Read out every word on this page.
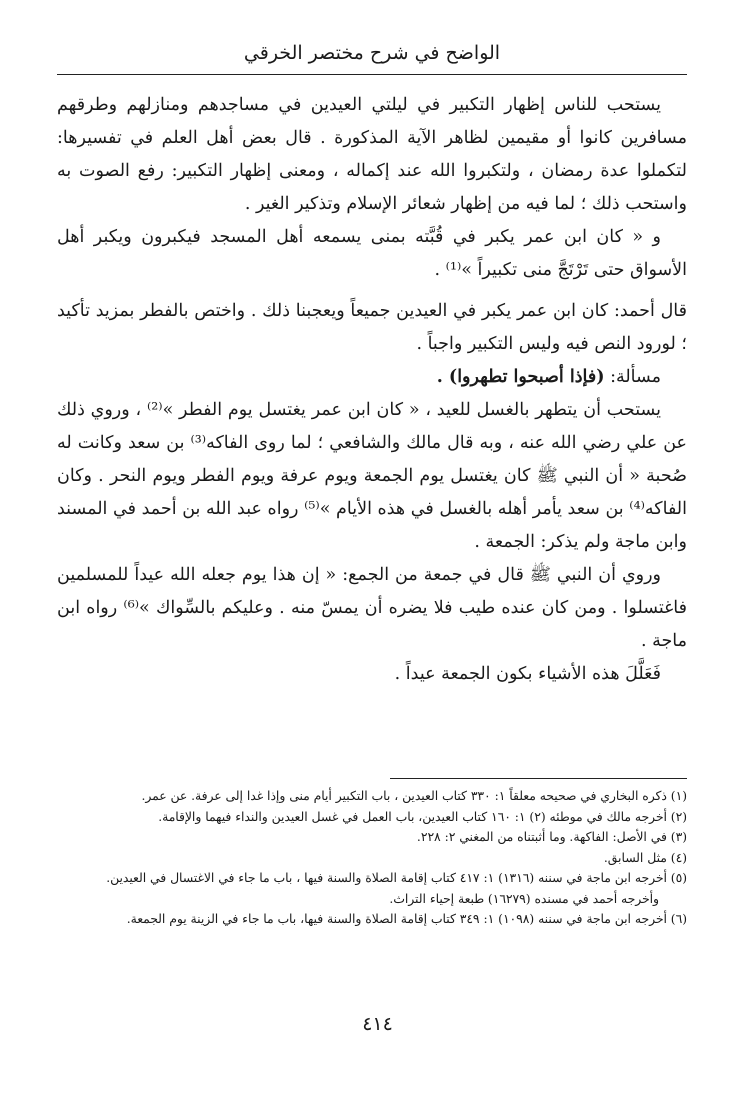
الواضح في شرح مختصر الخرقي

يستحب للناس إظهار التكبير في ليلتي العيدين في مساجدهم ومنازلهم وطرقهم مسافرين كانوا أو مقيمين لظاهر الآية المذكورة . قال بعض أهل العلم في تفسيرها: لتكملوا عدة رمضان ، ولتكبروا الله عند إكماله ، ومعنى إظهار التكبير: رفع الصوت به واستحب ذلك ؛ لما فيه من إظهار شعائر الإسلام وتذكير الغير .

و « كان ابن عمر يكبر في قُبَّته بمنى يسمعه أهل المسجد فيكبرون ويكبر أهل الأسواق حتى تَرْتَجَّ منى تكبيراً »⁽¹⁾ .

قال أحمد: كان ابن عمر يكبر في العيدين جميعاً ويعجبنا ذلك . واختص بالفطر بمزيد تأكيد ؛ لورود النص فيه وليس التكبير واجباً .

مسألة: (فإذا أصبحوا تطهروا) .

يستحب أن يتطهر بالغسل للعيد ، « كان ابن عمر يغتسل يوم الفطر »⁽²⁾ ، وروي ذلك عن علي رضي الله عنه ، وبه قال مالك والشافعي ؛ لما روى الفاكه⁽³⁾ بن سعد وكانت له صُحبة « أن النبي ﷺ كان يغتسل يوم الجمعة ويوم عرفة ويوم الفطر ويوم النحر . وكان الفاكه⁽⁴⁾ بن سعد يأمر أهله بالغسل في هذه الأيام »⁽⁵⁾ رواه عبد الله بن أحمد في المسند وابن ماجة ولم يذكر: الجمعة .

وروي أن النبي ﷺ قال في جمعة من الجمع: « إن هذا يوم جعله الله عيداً للمسلمين فاغتسلوا . ومن كان عنده طيب فلا يضره أن يمسّ منه . وعليكم بالسِّواك »⁽⁶⁾ رواه ابن ماجة .

فَعَلَّلَ هذه الأشياء بكون الجمعة عيداً .

(١) ذكره البخاري في صحيحه معلقاً ١: ٣٣٠ كتاب العيدين ، باب التكبير أيام منى وإذا غدا إلى عرفة. عن عمر.

(٢) أخرجه مالك في موطئه (٢) ١: ١٦٠ كتاب العيدين، باب العمل في غسل العيدين والنداء فيهما والإقامة.

(٣) في الأصل: الفاكهة. وما أثبتناه من المغني ٢: ٢٢٨.

(٤) مثل السابق.

(٥) أخرجه ابن ماجة في سننه (١٣١٦) ١: ٤١٧ كتاب إقامة الصلاة والسنة فيها ، باب ما جاء في الاغتسال في العيدين.

وأخرجه أحمد في مسنده (١٦٢٧٩) طبعة إحياء التراث.

(٦) أخرجه ابن ماجة في سننه (١٠٩٨) ١: ٣٤٩ كتاب إقامة الصلاة والسنة فيها، باب ما جاء في الزينة يوم الجمعة.

٤١٤
